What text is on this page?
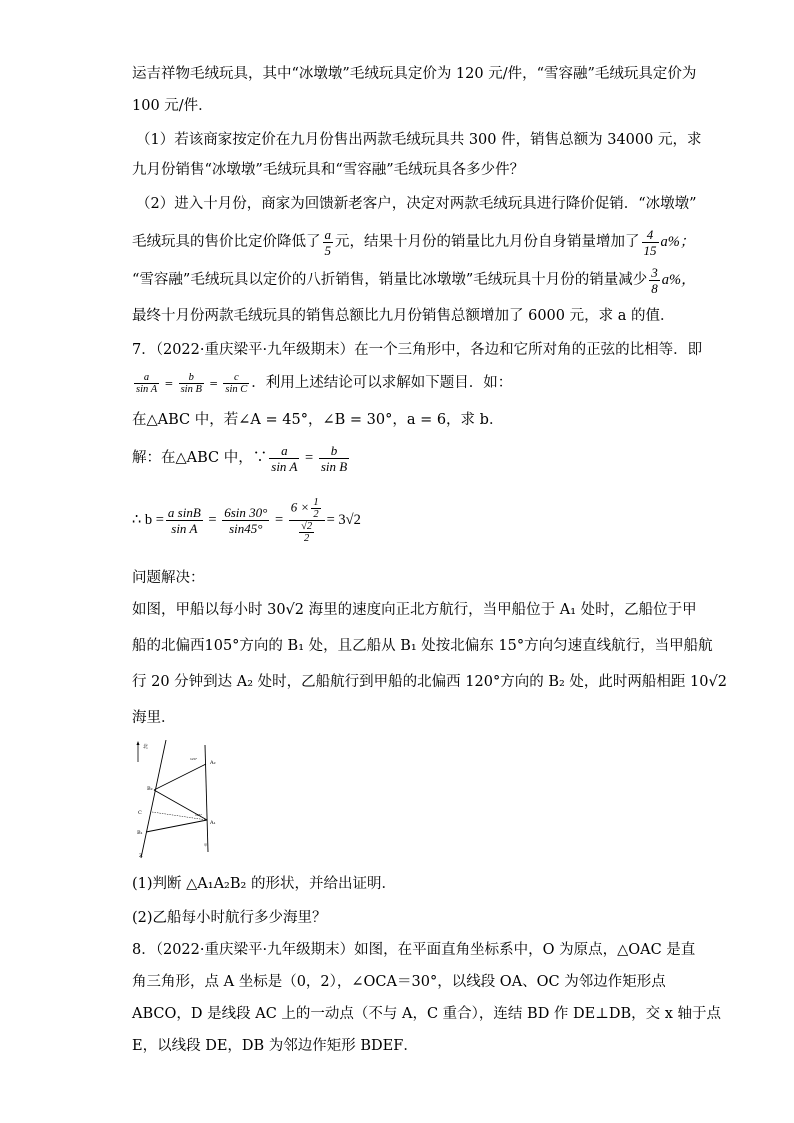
运吉祥物毛绒玩具，其中“冰墩墩”毛绒玩具定价为 120 元/件，“雪容融”毛绒玩具定价为
100 元/件．
（1）若该商家按定价在九月份售出两款毛绒玩具共 300 件，销售总额为 34000 元，求
九月份销售“冰墩墩”毛绒玩具和“雪容融”毛绒玩具各多少件？
（2）进入十月份，商家为回馈新老客户，决定对两款毛绒玩具进行降价促销．“冰墩墩”
毛绒玩具的售价比定价降低了 $\frac{a}{5}$ 元，结果十月份的销量比九月份自身销量增加了 $\frac{4}{15} a\%$；
“雪容融”毛绒玩具以定价的八折销售，销量比冰墩墩”毛绒玩具十月份的销量减少 $\frac{3}{8} a\%$，
最终十月份两款毛绒玩具的销售总额比九月份销售总额增加了 6000 元，求 a 的值．
7．（2022·重庆梁平·九年级期末）在一个三角形中，各边和它所对角的正弦的比相等．即
$\frac{a}{\text{sin A}} = \frac{b}{\text{sin B}} = \frac{c}{\text{sin C}}$ ．利用上述结论可以求解如下题目．如：
在△ABC 中，若∠A = 45°，∠B = 30°，a = 6，求 b．
解：在△ABC 中，∵ $\frac{a}{\text{sin A}} = \frac{b}{\text{sin B}}$
∴ $b = \frac{\text{a sinB}}{\text{sin A}} = \frac{6\sin 30^\circ}{\sin 45^\circ} = \frac{6 \times \frac{1}{2}}{\frac{√2}{2}} = 3√2$
问题解决：
如图，甲船以每小时 30√2 海里的速度向正北方航行，当甲船位于 A₁ 处时，乙船位于甲
船的北偏西105°方向的 B₁ 处，且乙船从 B₁ 处按北偏东 15°方向匀速直线航行，当甲船航
行 20 分钟到达 A₂ 处时，乙船航行到甲船的北偏西 120°方向的 B₂ 处，此时两船相距 10√2
海里．
北
B₂
A₂
120°
C
B₁
A₁
105°
Z
甲
(1)判断 △A₁A₂B₂ 的形状，并给出证明．
(2)乙船每小时航行多少海里？
8．（2022·重庆梁平·九年级期末）如图，在平面直角坐标系中，O 为原点，△OAC 是直
角三角形，点 A 坐标是（0，2），∠OCA＝30°，以线段 OA、OC 为邻边作矩形点
ABCO，D 是线段 AC 上的一动点（不与 A，C 重合），连结 BD 作 DE⊥DB，交 x 轴于点
E，以线段 DE，DB 为邻边作矩形 BDEF．
